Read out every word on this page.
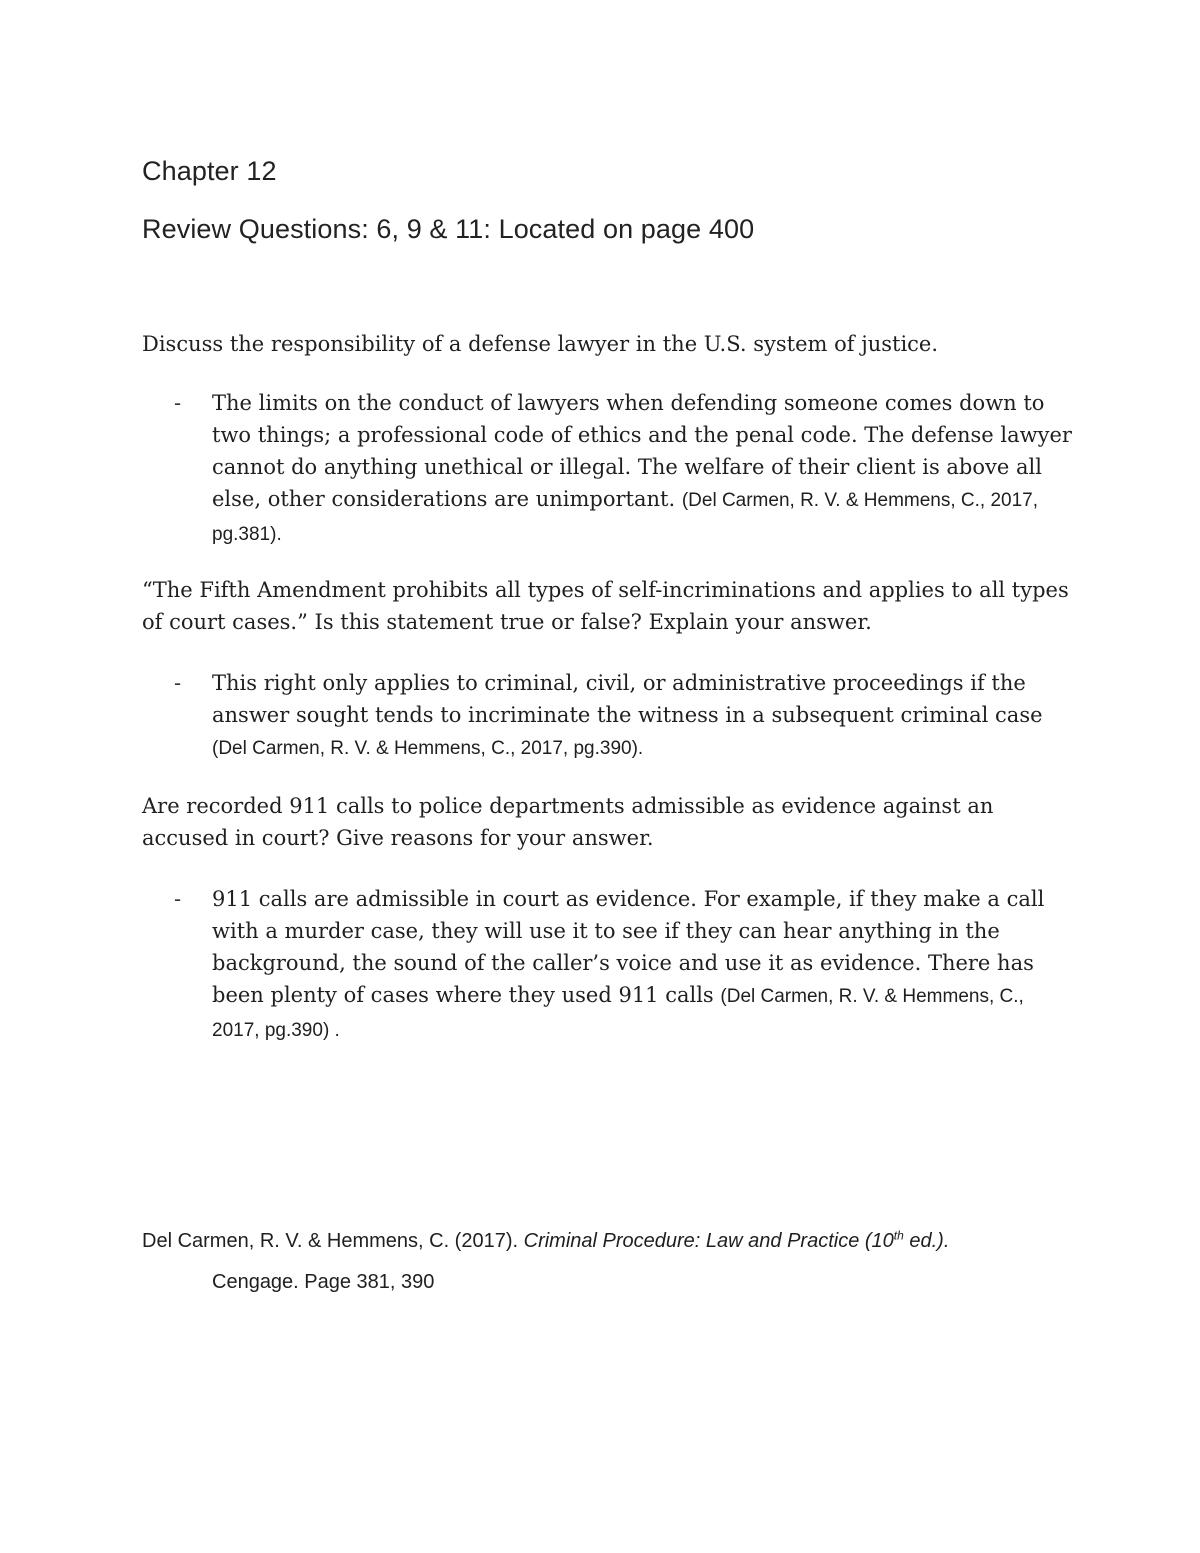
Chapter 12
Review Questions: 6, 9 & 11: Located on page 400
Discuss the responsibility of a defense lawyer in the U.S. system of justice.
- The limits on the conduct of lawyers when defending someone comes down to two things; a professional code of ethics and the penal code. The defense lawyer cannot do anything unethical or illegal. The welfare of their client is above all else, other considerations are unimportant. (Del Carmen, R. V. & Hemmens, C., 2017, pg.381).
“The Fifth Amendment prohibits all types of self-incriminations and applies to all types of court cases.” Is this statement true or false? Explain your answer.
- This right only applies to criminal, civil, or administrative proceedings if the answer sought tends to incriminate the witness in a subsequent criminal case (Del Carmen, R. V. & Hemmens, C., 2017, pg.390).
Are recorded 911 calls to police departments admissible as evidence against an accused in court? Give reasons for your answer.
- 911 calls are admissible in court as evidence. For example, if they make a call with a murder case, they will use it to see if they can hear anything in the background, the sound of the caller’s voice and use it as evidence. There has been plenty of cases where they used 911 calls (Del Carmen, R. V. & Hemmens, C., 2017, pg.390) .
Del Carmen, R. V. & Hemmens, C. (2017). Criminal Procedure: Law and Practice (10th ed.).
Cengage. Page 381, 390
